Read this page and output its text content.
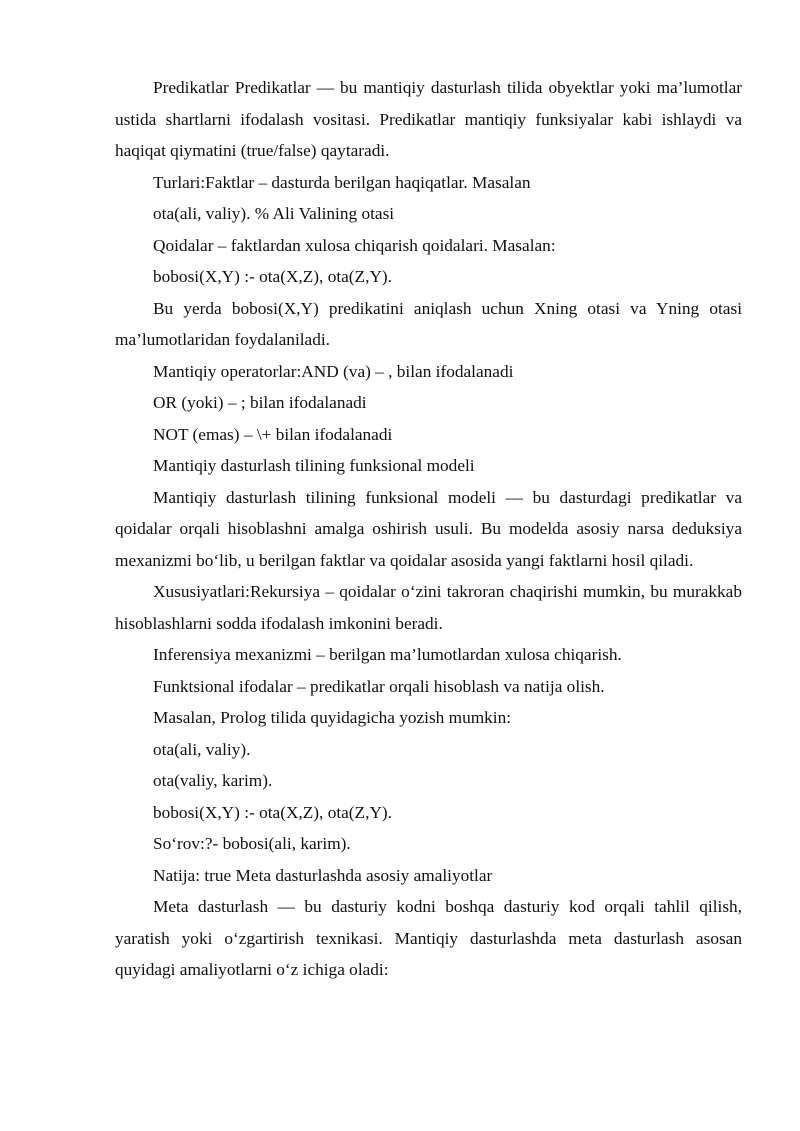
Predikatlar Predikatlar — bu mantiqiy dasturlash tilida obyektlar yoki ma’lumotlar ustida shartlarni ifodalash vositasi. Predikatlar mantiqiy funksiyalar kabi ishlaydi va haqiqat qiymatini (true/false) qaytaradi.

Turlari:Faktlar – dasturda berilgan haqiqatlar. Masalan

ota(ali, valiy). % Ali Valining otasi

Qoidalar – faktlardan xulosa chiqarish qoidalari. Masalan:

bobosi(X,Y) :- ota(X,Z), ota(Z,Y).

Bu yerda bobosi(X,Y) predikatini aniqlash uchun Xning otasi va Yning otasi ma’lumotlaridan foydalaniladi.

Mantiqiy operatorlar:AND (va) – , bilan ifodalanadi

OR (yoki) – ; bilan ifodalanadi

NOT (emas) – \+ bilan ifodalanadi

Mantiqiy dasturlash tilining funksional modeli

Mantiqiy dasturlash tilining funksional modeli — bu dasturdagi predikatlar va qoidalar orqali hisoblashni amalga oshirish usuli. Bu modelda asosiy narsa deduksiya mexanizmi bo‘lib, u berilgan faktlar va qoidalar asosida yangi faktlarni hosil qiladi.

Xususiyatlari:Rekursiya – qoidalar o‘zini takroran chaqirishi mumkin, bu murakkab hisoblashlarni sodda ifodalash imkonini beradi.

Inferensiya mexanizmi – berilgan ma’lumotlardan xulosa chiqarish.

Funktsional ifodalar – predikatlar orqali hisoblash va natija olish.

Masalan, Prolog tilida quyidagicha yozish mumkin:

ota(ali, valiy).

ota(valiy, karim).

bobosi(X,Y) :- ota(X,Z), ota(Z,Y).

So‘rov:?- bobosi(ali, karim).

Natija: true Meta dasturlashda asosiy amaliyotlar

Meta dasturlash — bu dasturiy kodni boshqa dasturiy kod orqali tahlil qilish, yaratish yoki o‘zgartirish texnikasi. Mantiqiy dasturlashda meta dasturlash asosan quyidagi amaliyotlarni o‘z ichiga oladi:
